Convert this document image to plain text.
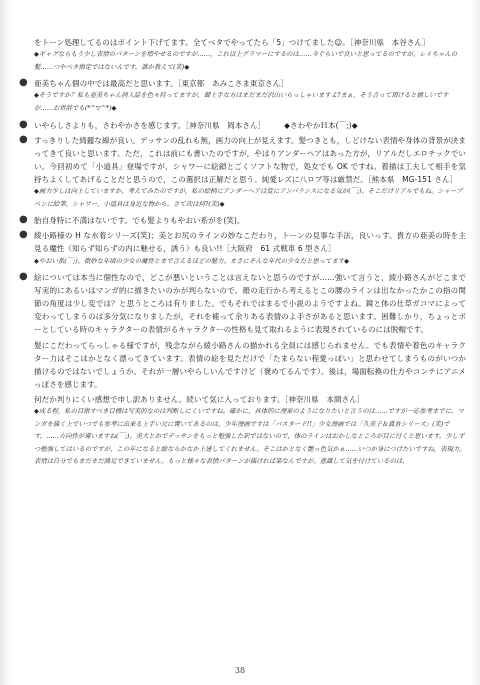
をトーン処理してるのはポイント下げてます。全てベタでやってたら「5」つけてました☺。［神奈川県　本谷さん］

◆ギャグならもう少し表情のパターンを増やせるのですが……。これ以上グラマーにするのは……今ぐらいで良いと思ってるのですが。レイちゃんの髪……つやベタ指定ではないんです。誰か教えて(笑)◆

● 亜美ちゃん個の中では最高だと思います。［東京都　あみこさま東京さん］

◆そうですか？私も亜美ちゃん同人誌を色々持ってますが，御上手な方はまだまだ沢山いらっしゃいますよ?まぁ，そう言って頂けると嬉しいですが……お世辞でも(*^▽^*)◆

● いやらしさよりも，さわやかさを感じます。［神奈川県　岡本さん］　　　◆さわやかＨ本(￣;)◆

● すっきりした綺麗な線が良い。デッサンの乱れも無，画力の向上が見えます。髪つきとも，しどけない表情や身体の背景が決まってきて良いと思います。ただ，これは前にも書いたのですが，やはりアンダーヘアはあった方が，リアルだしエロチックでいい。今回初めて「小道具」登場ですが，シャワーに絵鎖とごくソフトな物で，処女でも OK ですね。着描は工夫して相手を気持ちよくしてあげることだと思うので，この選択は正解だと思う。純愛レズに八ロブ等は厳禁だ。［熊本県　MG-151 さん］

◆画力少しは向上していますか，考えてみたのですが，私の絵柄にアンダーヘアは変にアンバランスになる気が(￣;)。そこだけリアルでもね。シャープペンに絵筆，シャワー，小道具は身近な物から。さて次は何?(笑)◆

● 胎自身特に不満はないです。でも髪よりもやおい系がを(笑)。

● 綾小路様の H な水着シリーズ(笑)；美とお尻のラインの妙なこだわり，トーンの見事な手法，良いっす。貴方の亜美の時を主見る魔性（知らず知らずの内に魅せる，誘う）も良い!!［大阪府　61 式戦車 6 型さん］

◆やおい系(￣;)。微妙な年頃の少女の魔性とまで言えるほどの魅力。まさにそんな年代の少女だと思ってます◆

● 絵については本当に個性なので，どこが悪いということは言えないと思うのですが……強いて言うと，綾小路さんがどこまで写実的にあるいはマンガ的に描きたいのかが判らないので。顔の走行から考えるとこの腰のラインは出なかったかこの指の関節の角度は少し変では？と思うところは有りました。でもそれではまるで小説のようですよね。鏡と体の仕草ガコマによって変わってしまうのは多分気になりましたが，それを補って余りある表情のよ手さがあると思います。困難しかり，ちょっとボーとしている時のキャラクターの表情がるキャラクターの性格も見て取れるように表現されているのには脱帽です。

髪にこだわってらっしゃる様ですが，残念ながら綾小路さんの描かれる全員には感じられません。でも表情や着色のキャラクター力はそこはかとなく漂ってきています。表情の絵を見ただけで「たまらない程愛っぽい」と思わせてしまうものがいつか描けるのではないでしょうか。それが一層いやらしいんですけど（褒めてるんです）。後は，場面転換の仕方やコンテにアニメっぽさを感じます。

何だか判りにくい感想で申し訳ありません。続いて気に入っております。［神奈川県　本間さん］

◆成る程，私の目指すべき目標は写実的なのは判断しにくいですね。確かに，具体的に漫案のようになりたいと言うのは……ですが一応参考までに。マンガを描く上でいつでも参考に出来る上手い元に置いてあるのは，少年漫画ですは「バスタード!!」少女漫画では「久美子＆真吾シリーズ」(笑)です。……方向性が違いますね(￣;)。美大とかでデッサンをもっと勉強した訳ではないので，体のラインはおかしなところが目に付くと思います。少しずつ勉強してはいるのですが，この年になると総ならかなか上達してくれません。そこはかとなく艶っ色気かぁ……いつか身につけたいですね，表現力。表情は自分でもまだまだ満足できていません。もっと様々な表情パターンが描ければ楽なんですが。意識して気を付けているのは，

38
